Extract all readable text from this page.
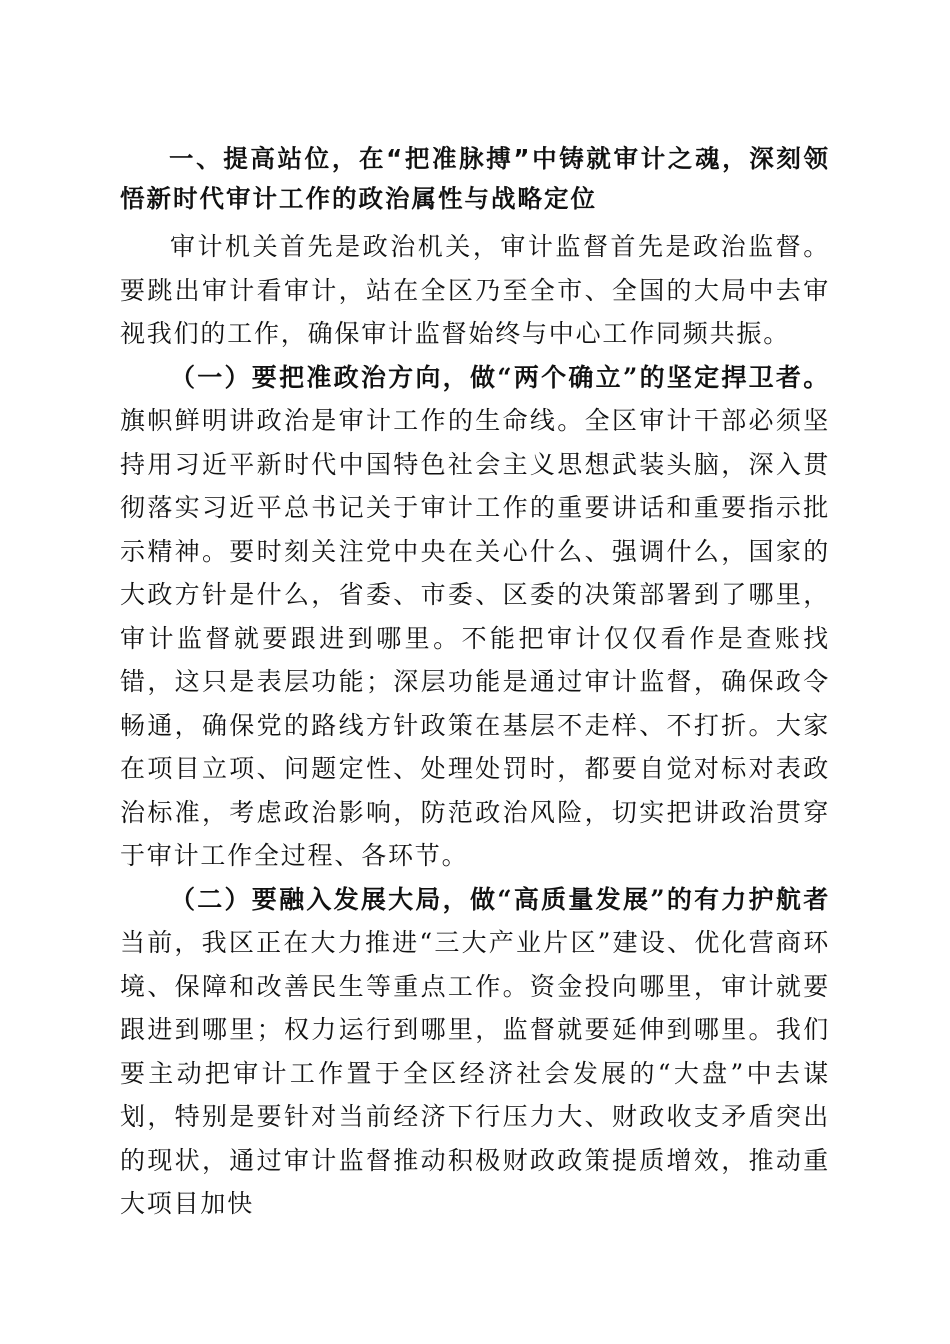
一、提高站位，在“把准脉搏”中铸就审计之魂，深刻领悟新时代审计工作的政治属性与战略定位

审计机关首先是政治机关，审计监督首先是政治监督。要跳出审计看审计，站在全区乃至全市、全国的大局中去审视我们的工作，确保审计监督始终与中心工作同频共振。

（一）要把准政治方向，做“两个确立”的坚定捍卫者。旗帜鲜明讲政治是审计工作的生命线。全区审计干部必须坚持用习近平新时代中国特色社会主义思想武装头脑，深入贯彻落实习近平总书记关于审计工作的重要讲话和重要指示批示精神。要时刻关注党中央在关心什么、强调什么，国家的大政方针是什么，省委、市委、区委的决策部署到了哪里，审计监督就要跟进到哪里。不能把审计仅仅看作是查账找错，这只是表层功能；深层功能是通过审计监督，确保政令畅通，确保党的路线方针政策在基层不走样、不打折。大家在项目立项、问题定性、处理处罚时，都要自觉对标对表政治标准，考虑政治影响，防范政治风险，切实把讲政治贯穿于审计工作全过程、各环节。

（二）要融入发展大局，做“高质量发展”的有力护航者当前，我区正在大力推进“三大产业片区”建设、优化营商环境、保障和改善民生等重点工作。资金投向哪里，审计就要跟进到哪里；权力运行到哪里，监督就要延伸到哪里。我们要主动把审计工作置于全区经济社会发展的“大盘”中去谋划，特别是要针对当前经济下行压力大、财政收支矛盾突出的现状，通过审计监督推动积极财政政策提质增效，推动重大项目加快
